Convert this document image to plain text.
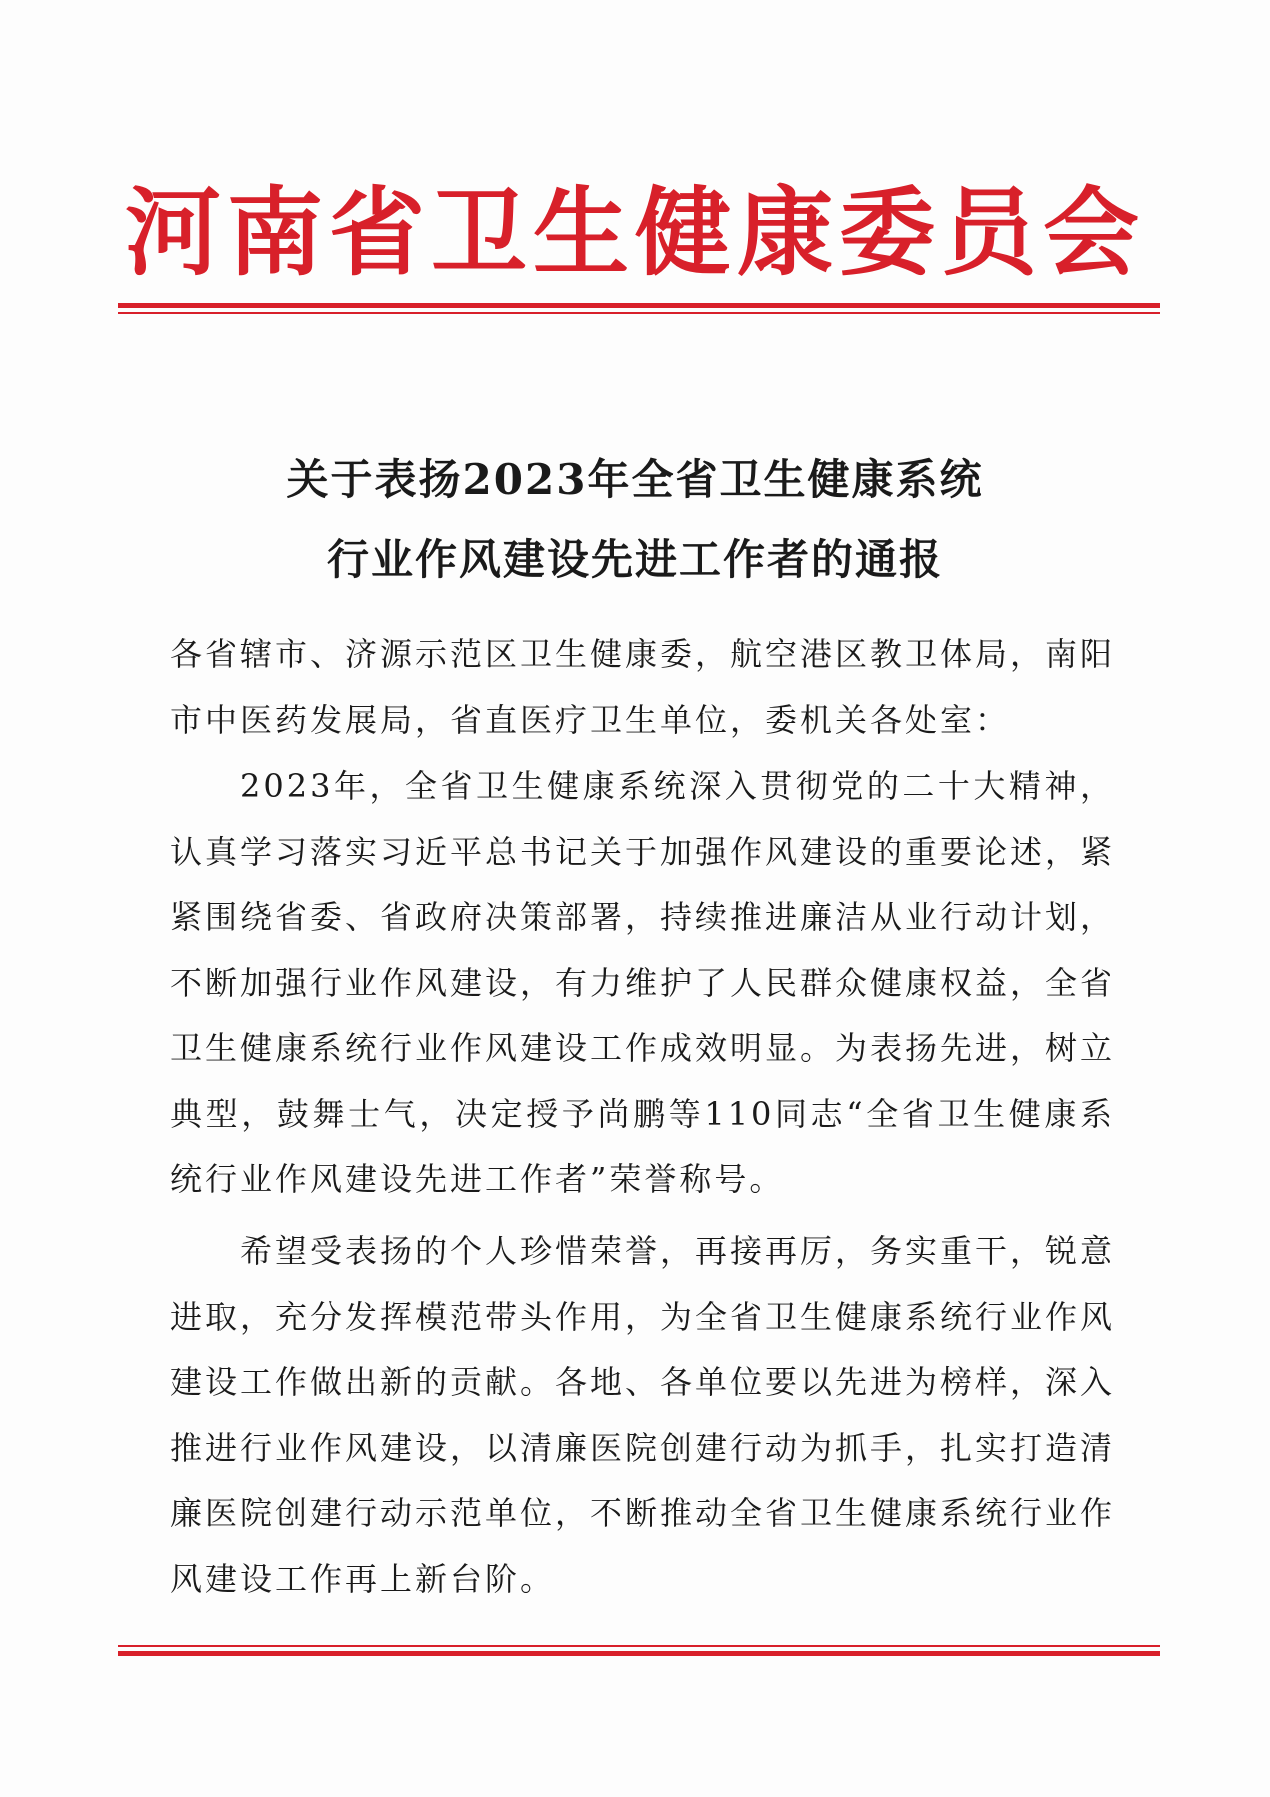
河南省卫生健康委员会
关于表扬2023年全省卫生健康系统
行业作风建设先进工作者的通报
各省辖市、济源示范区卫生健康委，航空港区教卫体局，南阳市中医药发展局，省直医疗卫生单位，委机关各处室：
2023年，全省卫生健康系统深入贯彻党的二十大精神，认真学习落实习近平总书记关于加强作风建设的重要论述，紧紧围绕省委、省政府决策部署，持续推进廉洁从业行动计划，不断加强行业作风建设，有力维护了人民群众健康权益，全省卫生健康系统行业作风建设工作成效明显。为表扬先进，树立典型，鼓舞士气，决定授予尚鹏等110同志“全省卫生健康系统行业作风建设先进工作者”荣誉称号。
希望受表扬的个人珍惜荣誉，再接再厉，务实重干，锐意进取，充分发挥模范带头作用，为全省卫生健康系统行业作风建设工作做出新的贡献。各地、各单位要以先进为榜样，深入推进行业作风建设，以清廉医院创建行动为抓手，扎实打造清廉医院创建行动示范单位，不断推动全省卫生健康系统行业作风建设工作再上新台阶。
